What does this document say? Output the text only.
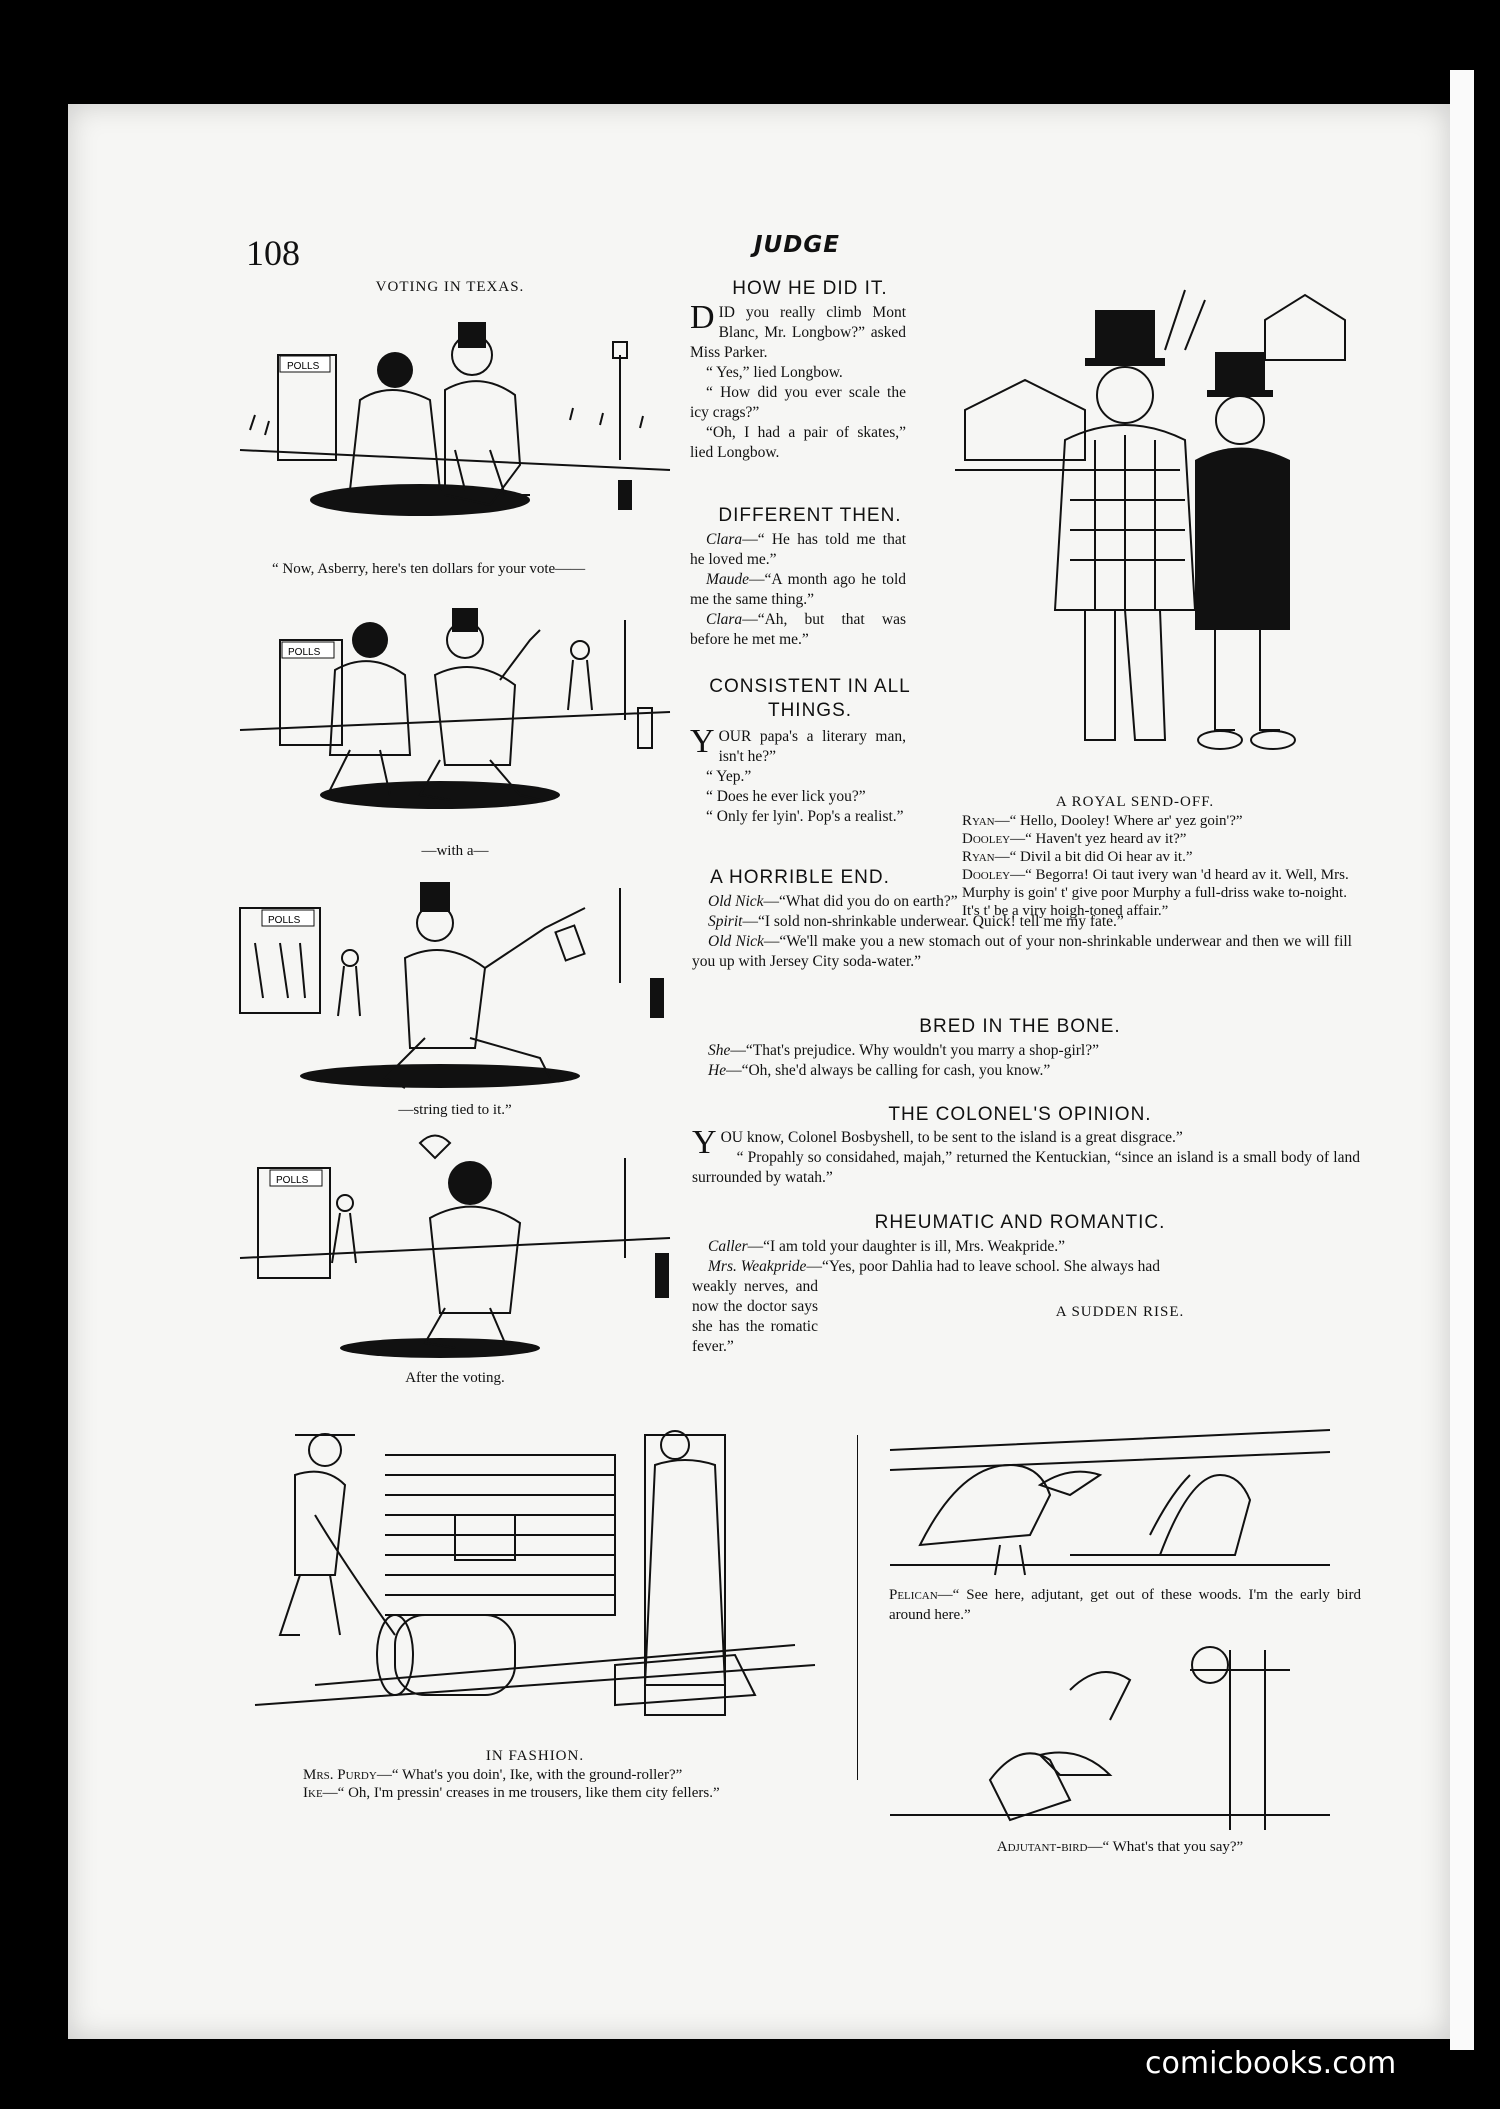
108	JUDGE
VOTING IN TEXAS.
POLLS
“ Now, Asberry, here's ten dollars for your vote——
POLLS
—with a—
POLLS
—string tied to it.”
POLLS
After the voting.
HOW HE DID IT.

DID you really climb Mont Blanc, Mr. Longbow?” asked Miss Parker.

“ Yes,” lied Longbow.

“ How did you ever scale the icy crags?”

“Oh, I had a pair of skates,” lied Longbow.

DIFFERENT THEN.

Clara—“ He has told me that he loved me.”

Maude—“A month ago he told me the same thing.”

Clara—“Ah, but that was before he met me.”

CONSISTENT IN ALL THINGS.

YOUR papa's a literary man, isn't he?”

“ Yep.”

“ Does he ever lick you?”

“ Only fer lyin'. Pop's a realist.”

A HORRIBLE END.

Old Nick—“What did you do on earth?”

Spirit—“I sold non-shrinkable underwear. Quick! tell me my fate.”

Old Nick—“We'll make you a new stomach out of your non-shrinkable underwear and then we will fill you up with Jersey City soda-water.”

A ROYAL SEND-OFF.

Ryan—“ Hello, Dooley! Where ar' yez goin'?”

Dooley—“ Haven't yez heard av it?”

Ryan—“ Divil a bit did Oi hear av it.”

Dooley—“ Begorra! Oi taut ivery wan 'd heard av it. Well, Mrs. Murphy is goin' t' give poor Murphy a full-driss wake to-noight. It's t' be a viry hoigh-toned affair.”

BRED IN THE BONE.

She—“That's prejudice. Why wouldn't you marry a shop-girl?”

He—“Oh, she'd always be calling for cash, you know.”

THE COLONEL'S OPINION.

YOU know, Colonel Bosbyshell, to be sent to the island is a great disgrace.”

“ Propahly so considahed, majah,” returned the Kentuckian, “since an island is a small body of land surrounded by watah.”

RHEUMATIC AND ROMANTIC.

Caller—“I am told your daughter is ill, Mrs. Weakpride.”

Mrs. Weakpride—“Yes, poor Dahlia had to leave school. She always had

weakly nerves, and now the doctor says she has the romatic fever.”

IN FASHION.

Mrs. Purdy—“ What's you doin', Ike, with the ground-roller?”

Ike—“ Oh, I'm pressin' creases in me trousers, like them city fellers.”

A SUDDEN RISE.

Pelican—“ See here, adjutant, get out of these woods. I'm the early bird around here.”

Adjutant-bird—“ What's that you say?”

comicbooks.com
